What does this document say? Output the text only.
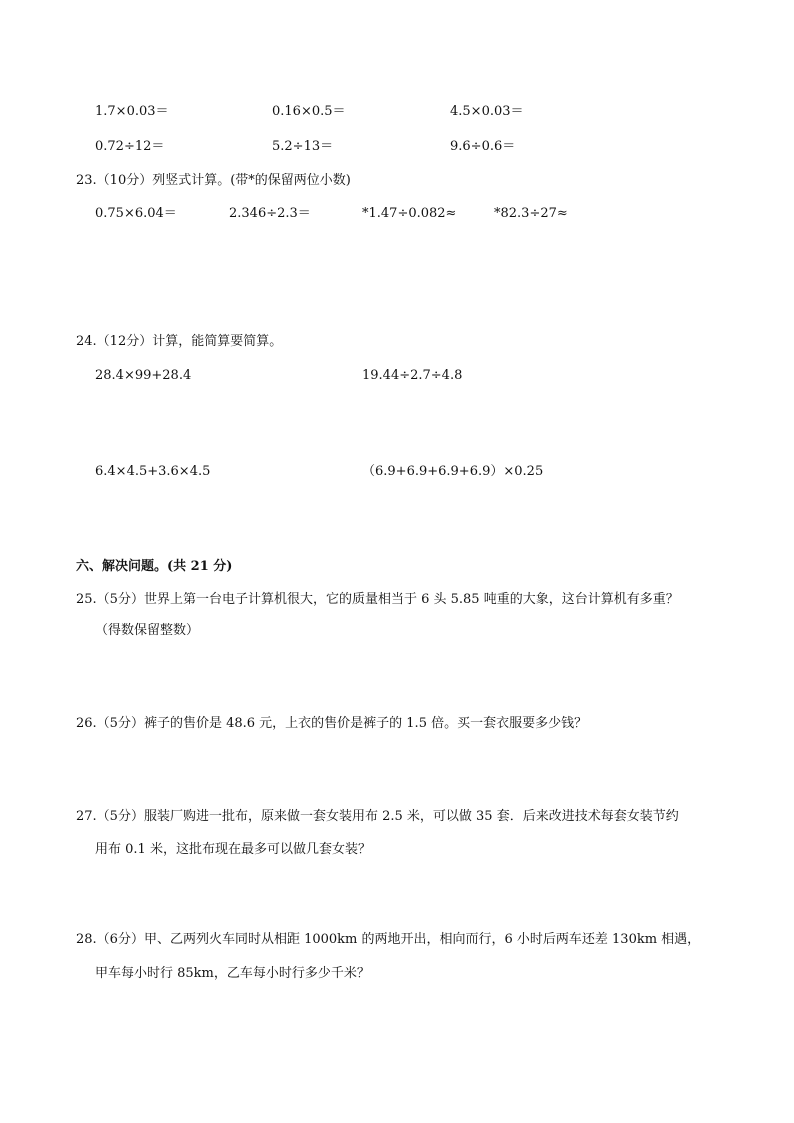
1.7×0.03＝	0.16×0.5＝	4.5×0.03＝
0.72÷12＝	5.2÷13＝	9.6÷0.6＝
23.（10分）列竖式计算。(带*的保留两位小数)
0.75×6.04＝	2.346÷2.3＝	*1.47÷0.082≈	*82.3÷27≈
24.（12分）计算，能简算要简算。
28.4×99+28.4	19.44÷2.7÷4.8
6.4×4.5+3.6×4.5	（6.9+6.9+6.9+6.9）×0.25
六、解决问题。(共 21 分)
25.（5分）世界上第一台电子计算机很大，它的质量相当于 6 头 5.85 吨重的大象，这台计算机有多重？
（得数保留整数）
26.（5分）裤子的售价是 48.6 元，上衣的售价是裤子的 1.5 倍。买一套衣服要多少钱？
27.（5分）服装厂购进一批布，原来做一套女装用布 2.5 米，可以做 35 套．后来改进技术每套女装节约
用布 0.1 米，这批布现在最多可以做几套女装？
28.（6分）甲、乙两列火车同时从相距 1000km 的两地开出，相向而行，6 小时后两车还差 130km 相遇，
甲车每小时行 85km，乙车每小时行多少千米？
